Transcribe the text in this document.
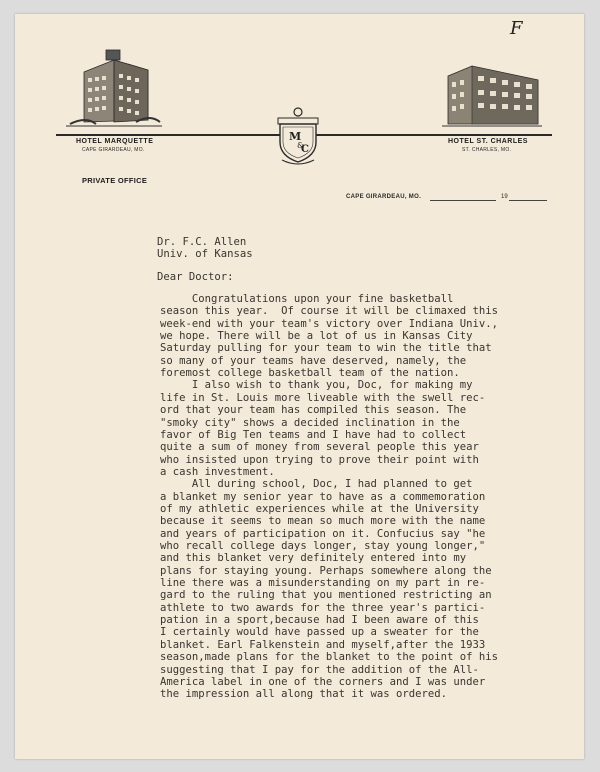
F
HOTEL MARQUETTE
CAPE GIRARDEAU, MO.
HOTEL ST. CHARLES
ST. CHARLES, MO.
M
&
C
PRIVATE OFFICE
CAPE GIRARDEAU, MO.	19
Dr. F.C. Allen
Univ. of Kansas
Dear Doctor:
Congratulations upon your fine basketball
season this year.  Of course it will be climaxed this
week-end with your team's victory over Indiana Univ.,
we hope. There will be a lot of us in Kansas City
Saturday pulling for your team to win the title that
so many of your teams have deserved, namely, the
foremost college basketball team of the nation.
I also wish to thank you, Doc, for making my
life in St. Louis more liveable with the swell rec-
ord that your team has compiled this season. The
"smoky city" shows a decided inclination in the
favor of Big Ten teams and I have had to collect
quite a sum of money from several people this year
who insisted upon trying to prove their point with
a cash investment.
All during school, Doc, I had planned to get
a blanket my senior year to have as a commemoration
of my athletic experiences while at the University
because it seems to mean so much more with the name
and years of participation on it. Confucius say "he
who recall college days longer, stay young longer,"
and this blanket very definitely entered into my
plans for staying young. Perhaps somewhere along the
line there was a misunderstanding on my part in re-
gard to the ruling that you mentioned restricting an
athlete to two awards for the three year's partici-
pation in a sport,because had I been aware of this
I certainly would have passed up a sweater for the
blanket. Earl Falkenstein and myself,after the 1933
season,made plans for the blanket to the point of his
suggesting that I pay for the addition of the All-
America label in one of the corners and I was under
the impression all along that it was ordered.
